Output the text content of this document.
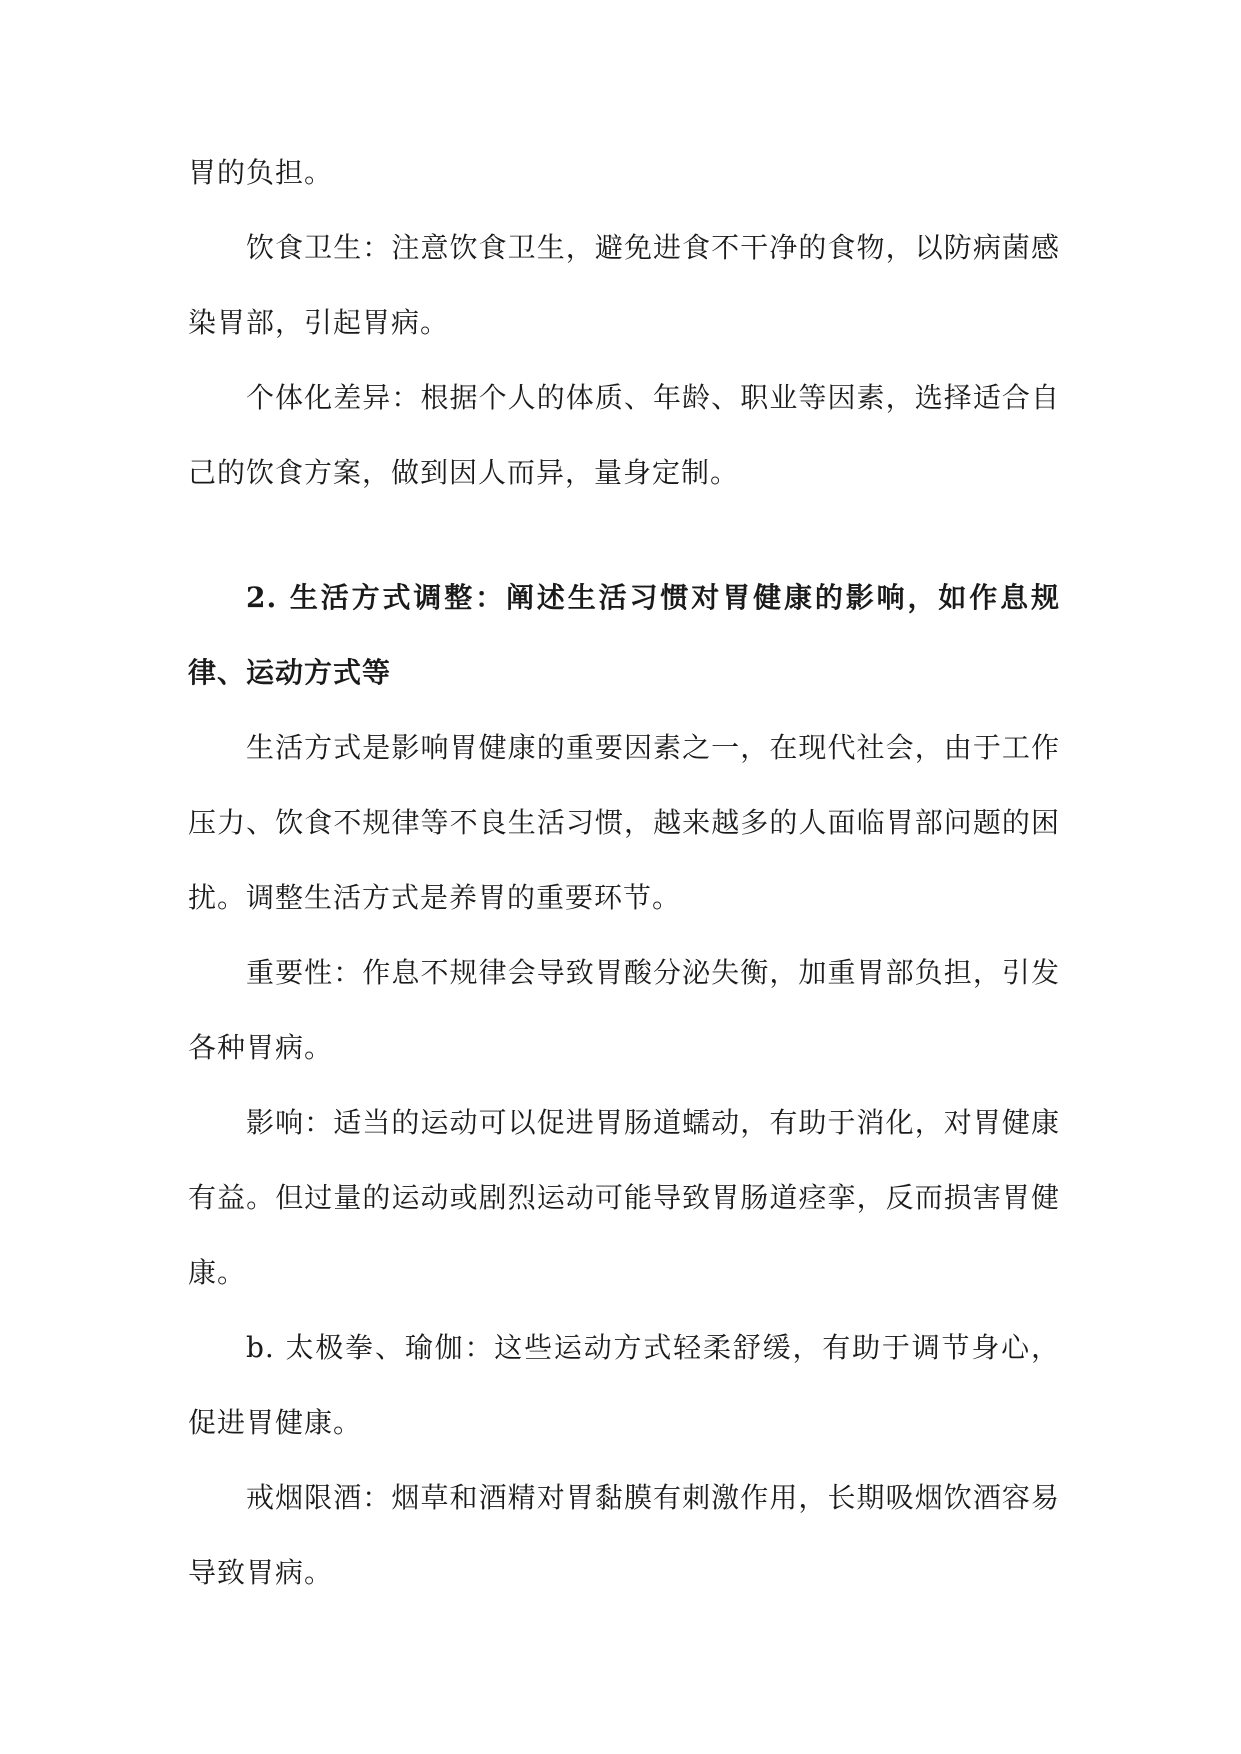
胃的负担。

饮食卫生：注意饮食卫生，避免进食不干净的食物，以防病菌感染胃部，引起胃病。

个体化差异：根据个人的体质、年龄、职业等因素，选择适合自己的饮食方案，做到因人而异，量身定制。

2. 生活方式调整：阐述生活习惯对胃健康的影响，如作息规律、运动方式等

生活方式是影响胃健康的重要因素之一，在现代社会，由于工作压力、饮食不规律等不良生活习惯，越来越多的人面临胃部问题的困扰。调整生活方式是养胃的重要环节。

重要性：作息不规律会导致胃酸分泌失衡，加重胃部负担，引发各种胃病。

影响：适当的运动可以促进胃肠道蠕动，有助于消化，对胃健康有益。但过量的运动或剧烈运动可能导致胃肠道痉挛，反而损害胃健康。

b. 太极拳、瑜伽：这些运动方式轻柔舒缓，有助于调节身心，促进胃健康。

戒烟限酒：烟草和酒精对胃黏膜有刺激作用，长期吸烟饮酒容易导致胃病。
